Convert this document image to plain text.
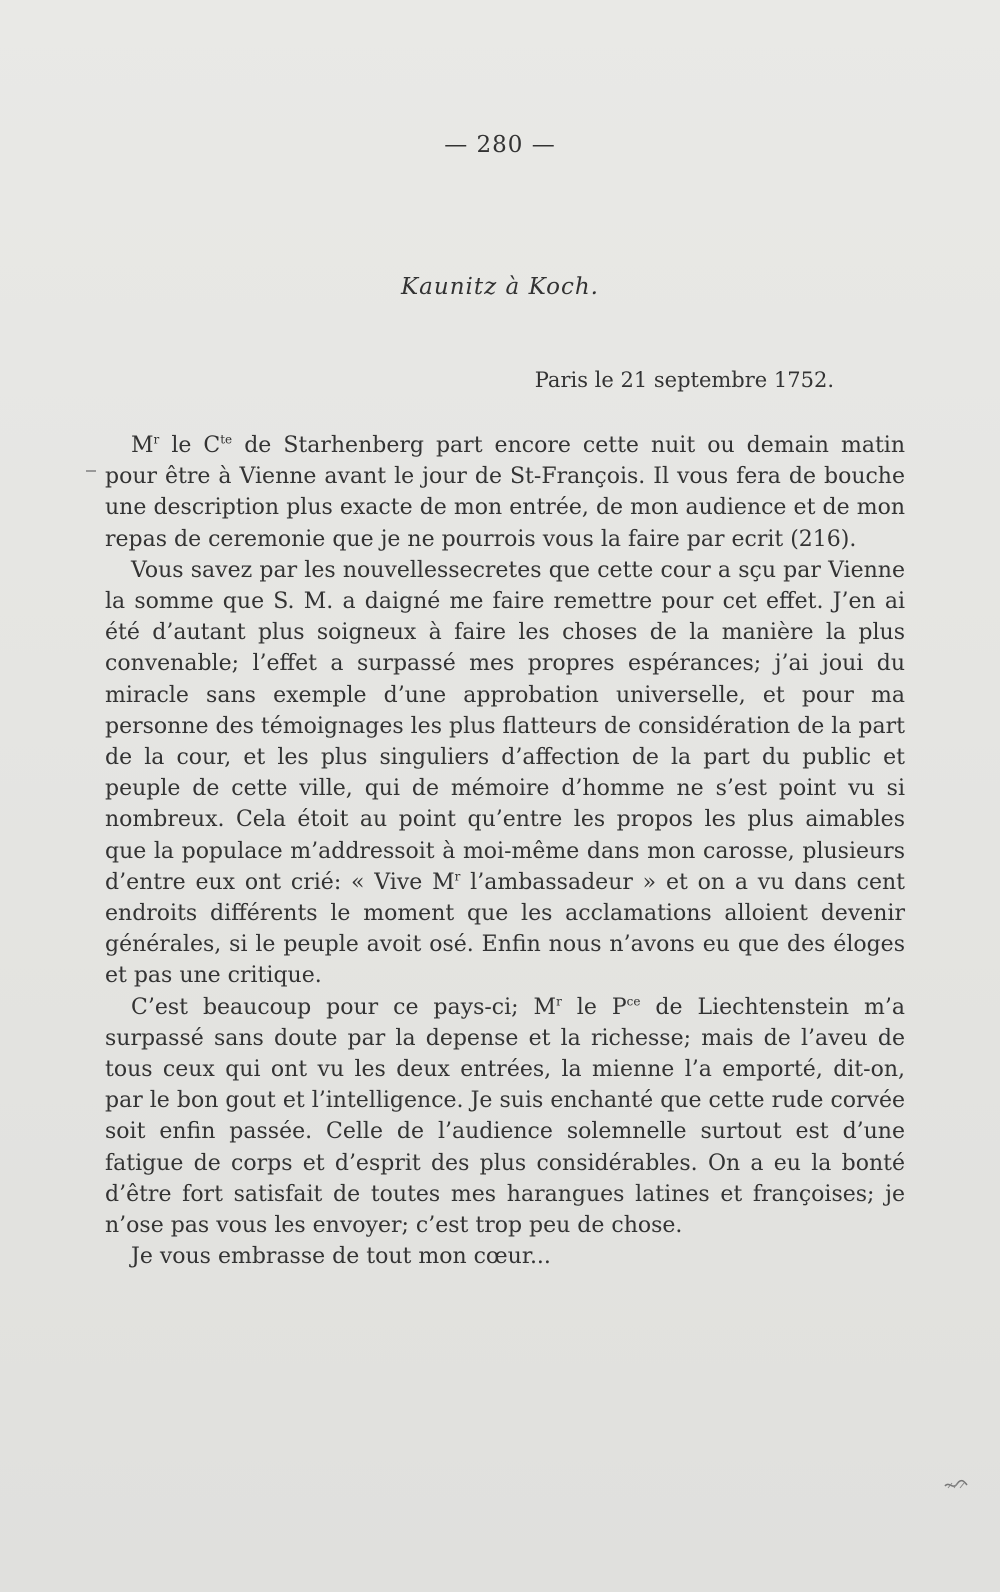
— 280 —
Kaunitz à Koch.
Paris le 21 septembre 1752.

$M^r$ le $C^{te}$ de Starhenberg part encore cette nuit ou demain matin pour être à Vienne avant le jour de St-François. Il vous fera de bouche une description plus exacte de mon entrée, de mon audience et de mon repas de ceremonie que je ne pourrois vous la faire par ecrit (216).

Vous savez par les nouvellessecretes que cette cour a sçu par Vienne la somme que S. M. a daigné me faire remettre pour cet effet. J’en ai été d’autant plus soigneux à faire les choses de la manière la plus convenable; l’effet a surpassé mes propres espérances; j’ai joui du miracle sans exemple d’une approbation universelle, et pour ma personne des témoignages les plus flatteurs de considération de la part de la cour, et les plus singuliers d’affection de la part du public et peuple de cette ville, qui de mémoire d’homme ne s’est point vu si nombreux. Cela étoit au point qu’entre les propos les plus aimables que la populace m’addressoit à moi-même dans mon carosse, plusieurs d’entre eux ont crié: « Vive $M^r$ l’ambassadeur » et on a vu dans cent endroits différents le moment que les acclamations alloient devenir générales, si le peuple avoit osé. Enfin nous n’avons eu que des éloges et pas une critique.

C’est beaucoup pour ce pays-ci; $M^r$ le $P^{ce}$ de Liechtenstein m’a surpassé sans doute par la depense et la richesse; mais de l’aveu de tous ceux qui ont vu les deux entrées, la mienne l’a emporté, dit-on, par le bon gout et l’intelligence. Je suis enchanté que cette rude corvée soit enfin passée. Celle de l’audience solemnelle surtout est d’une fatigue de corps et d’esprit des plus considérables. On a eu la bonté d’être fort satisfait de toutes mes harangues latines et françoises; je n’ose pas vous les envoyer; c’est trop peu de chose.

Je vous embrasse de tout mon cœur...
